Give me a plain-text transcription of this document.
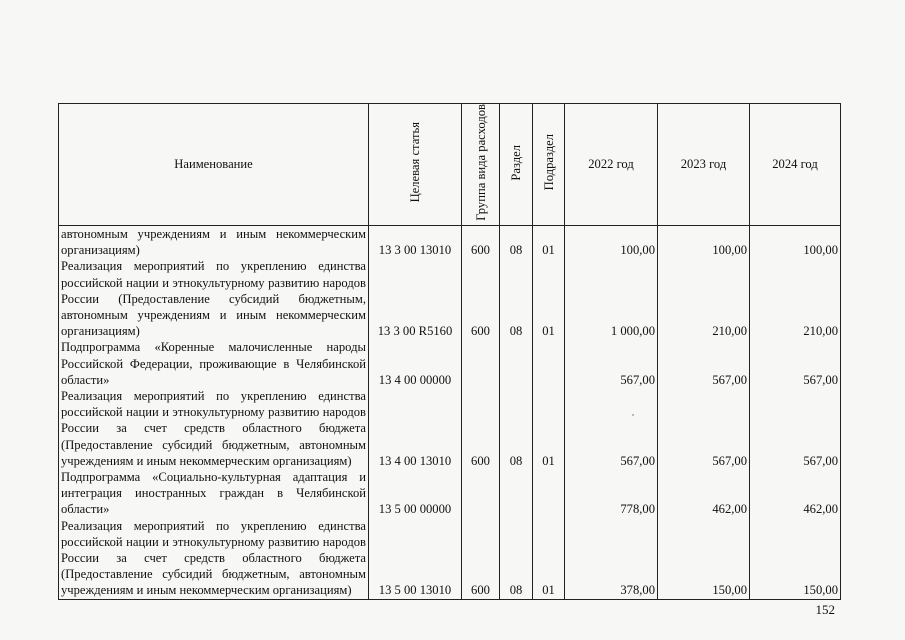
Наименование	Целевая статья	Группа вида расходов	Раздел	Подраздел	2022 год	2023 год	2024 год
автономным учреждениям и иным некоммерческим организациям)	13 3 00 13010	600	08	01	100,00	100,00	100,00
Реализация мероприятий по укреплению единства российской нации и этнокультурному развитию народов России (Предоставление субсидий бюджетным, автономным учреждениям и иным некоммерческим организациям)	13 3 00 R5160	600	08	01	1 000,00	210,00	210,00
Подпрограмма «Коренные малочисленные народы Российской Федерации, проживающие в Челябинской области»	13 4 00 00000				567,00	567,00	567,00
Реализация мероприятий по укреплению единства российской нации и этнокультурному развитию народов России за счет средств областного бюджета (Предоставление субсидий бюджетным, автономным учреждениям и иным некоммерческим организациям)	13 4 00 13010	600	08	01	567,00	567,00	567,00
Подпрограмма «Социально-культурная адаптация и интеграция иностранных граждан в Челябинской области»	13 5 00 00000				778,00	462,00	462,00
Реализация мероприятий по укреплению единства российской нации и этнокультурному развитию народов России за счет средств областного бюджета (Предоставление субсидий бюджетным, автономным учреждениям и иным некоммерческим организациям)	13 5 00 13010	600	08	01	378,00	150,00	150,00
152
